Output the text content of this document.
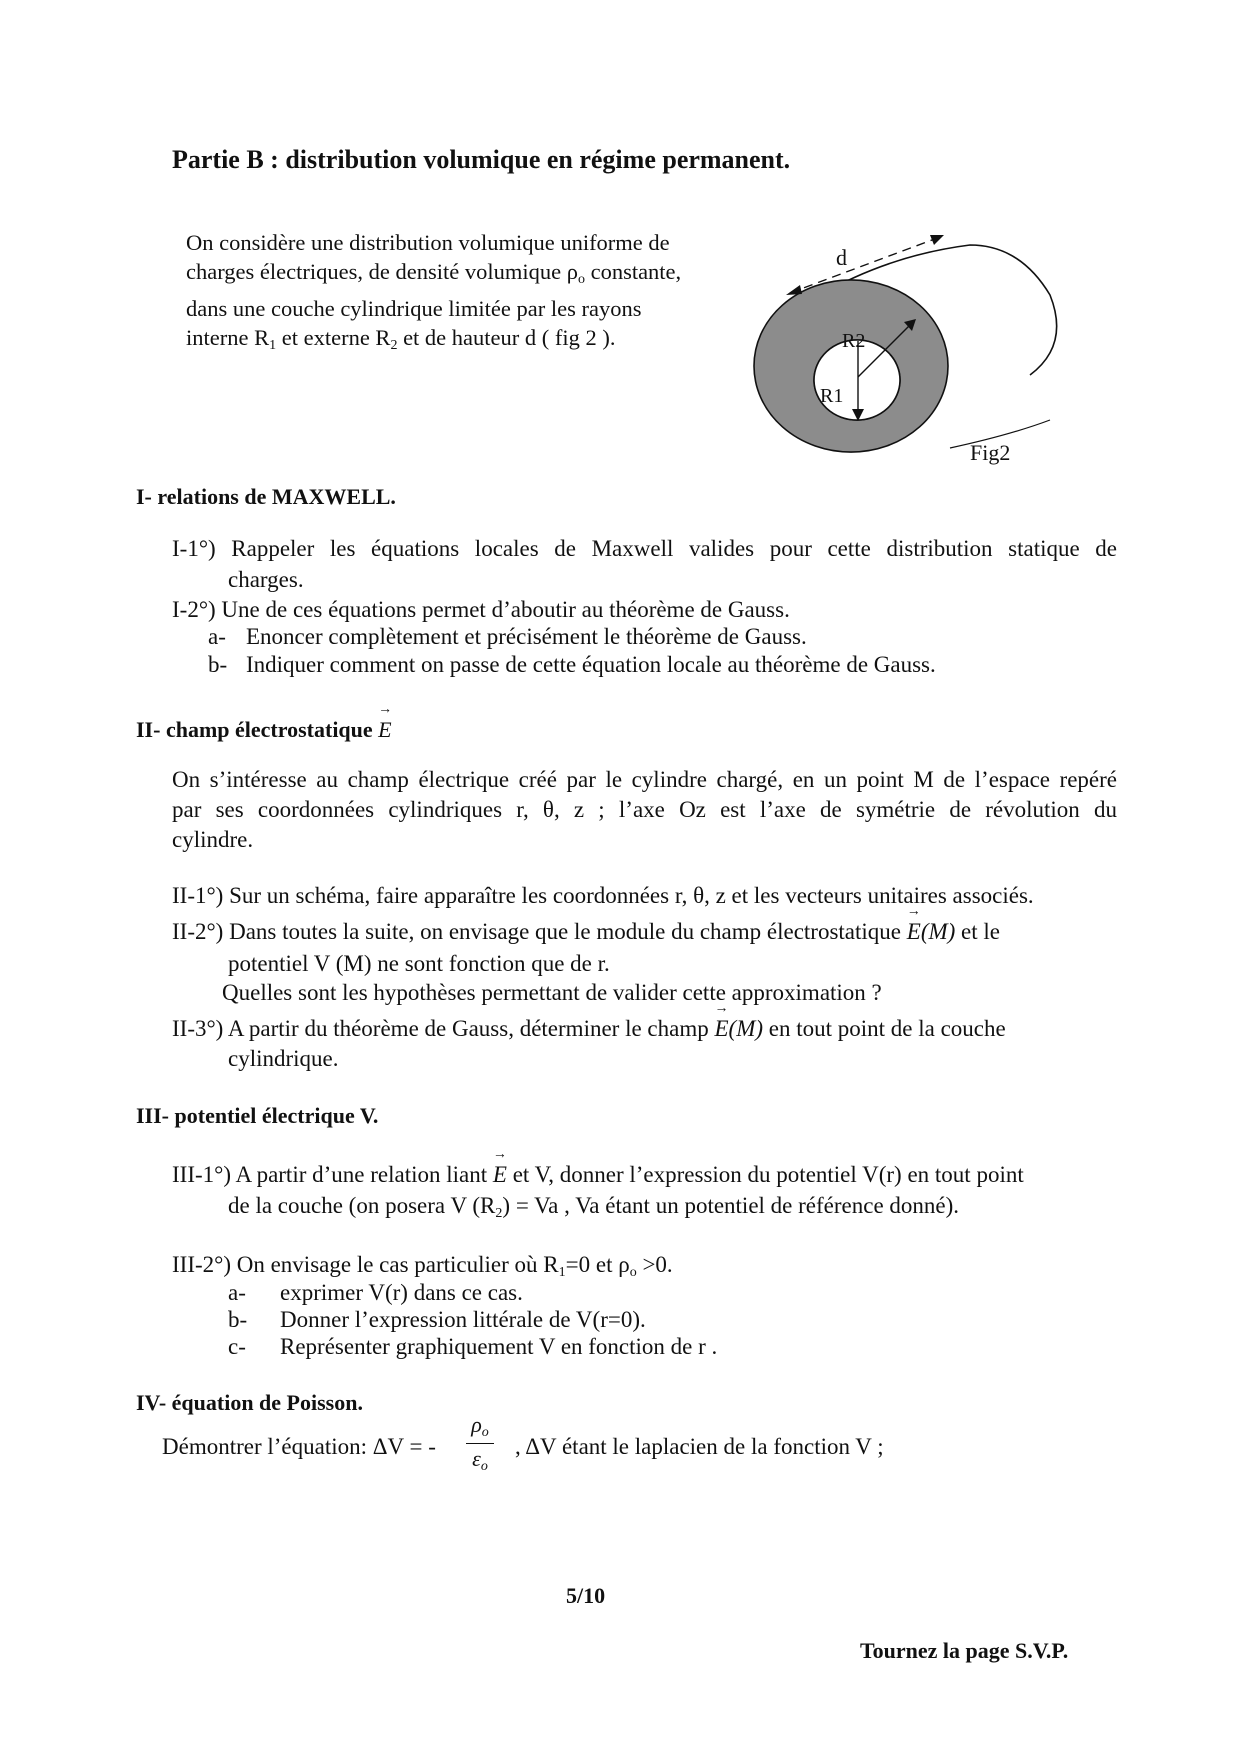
Partie B : distribution volumique en régime permanent.
On considère une distribution volumique uniforme de
charges électriques, de densité volumique $\rho_o$ constante,
dans une couche cylindrique limitée par les rayons
interne $R_1$ et externe $R_2$ et de hauteur d ( fig 2 ).
d
R2
R1
Fig2
I- relations de MAXWELL.
I-1°) Rappeler les équations locales de Maxwell valides pour cette distribution statique de
charges.
I-2°) Une de ces équations permet d’aboutir au théorème de Gauss.
a- Enoncer complètement et précisément le théorème de Gauss.
b- Indiquer comment on passe de cette équation locale au théorème de Gauss.
II- champ électrostatique → E
On s’intéresse au champ électrique créé par le cylindre chargé, en un point M de l’espace repéré
par ses coordonnées cylindriques r, θ, z ; l’axe Oz est l’axe de symétrie de révolution du
cylindre.
II-1°) Sur un schéma, faire apparaître les coordonnées r, θ, z et les vecteurs unitaires associés.
II-2°) Dans toutes la suite, on envisage que le module du champ électrostatique → E(M) et le
potentiel V (M) ne sont fonction que de r.
Quelles sont les hypothèses permettant de valider cette approximation ?
II-3°) A partir du théorème de Gauss, déterminer le champ → E(M) en tout point de la couche
cylindrique.
III- potentiel électrique V.
III-1°) A partir d’une relation liant → E et V, donner l’expression du potentiel V(r) en tout point
de la couche (on posera V $(R_2) = Va$ , Va étant un potentiel de référence donné).
III-2°) On envisage le cas particulier où $R_1=0$ et $\rho_o >0$.
a- exprimer V(r) dans ce cas.
b- Donner l’expression littérale de V(r=0).
c- Représenter graphiquement V en fonction de r .
IV- équation de Poisson.
Démontrer l’équation: ΔV = -
$\rho_o$
$\varepsilon_o$
, ΔV étant le laplacien de la fonction V ;
5/10
Tournez la page S.V.P.
